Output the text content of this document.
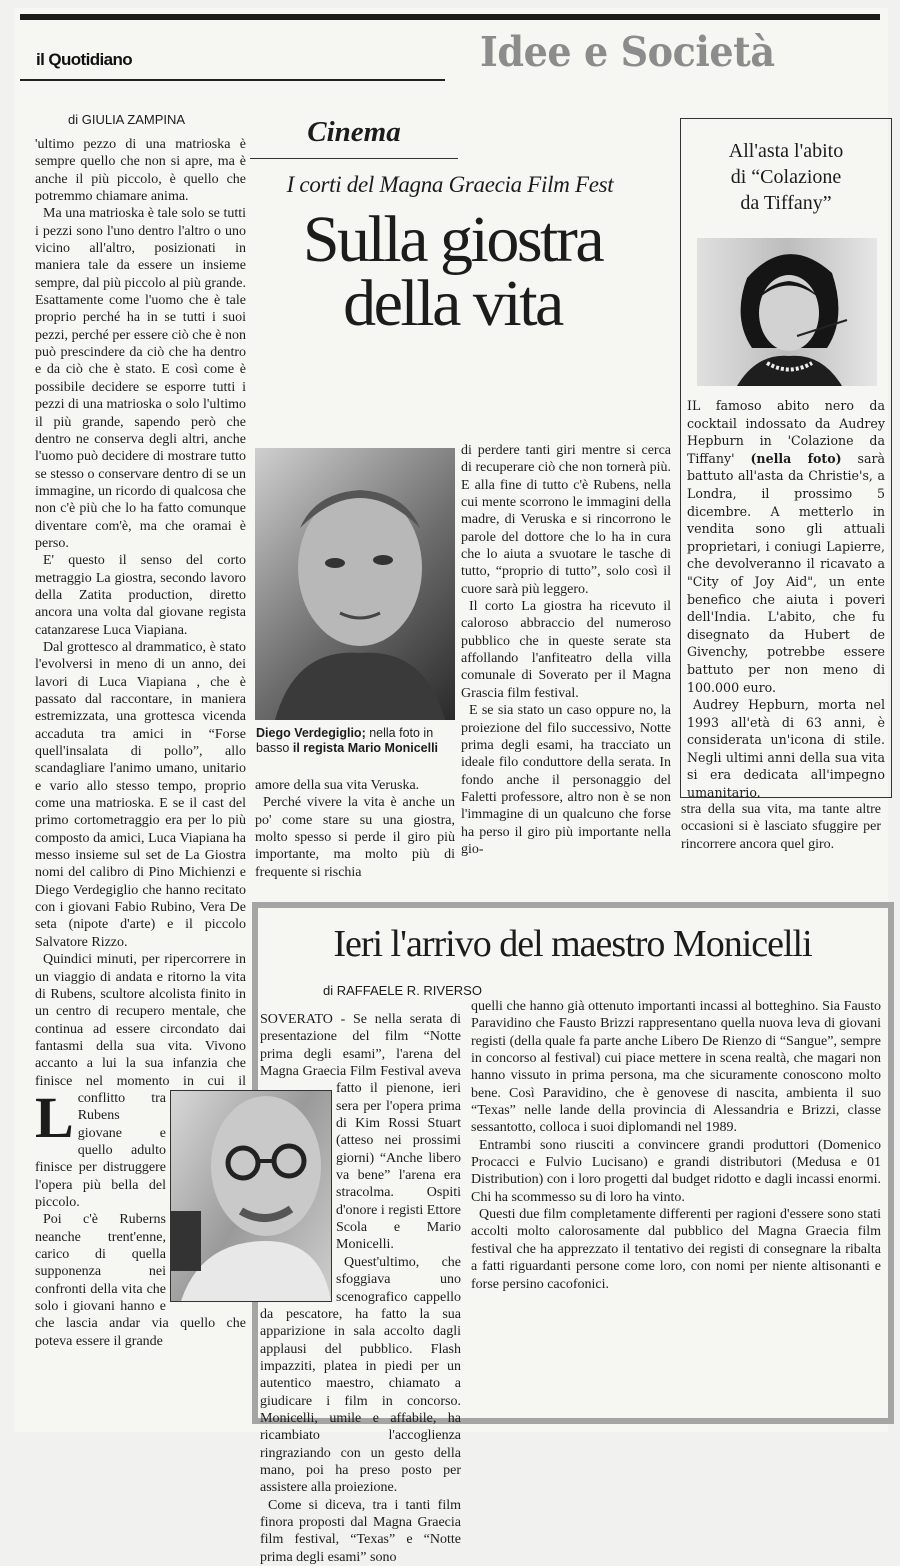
il Quotidiano	Idee e Società
di GIULIA ZAMPINA
L

'ultimo pezzo di una matrioska è sempre quello che non si apre, ma è anche il più piccolo, è quello che potremmo chiamare anima.

Ma una matrioska è tale solo se tutti i pezzi sono l'uno dentro l'altro o uno vicino all'altro, posizionati in maniera tale da essere un insieme sempre, dal più piccolo al più grande. Esattamente come l'uomo che è tale proprio perché ha in se tutti i suoi pezzi, perché per essere ciò che è non può prescindere da ciò che ha dentro e da ciò che è stato. E così come è possibile decidere se esporre tutti i pezzi di una matrioska o solo l'ultimo il più grande, sapendo però che dentro ne conserva degli altri, anche l'uomo può decidere di mostrare tutto se stesso o conservare dentro di se un immagine, un ricordo di qualcosa che non c'è più che lo ha fatto comunque diventare com'è, ma che oramai è perso.

E' questo il senso del corto metraggio La giostra, secondo lavoro della Zatita production, diretto ancora una volta dal giovane regista catanzarese Luca Viapiana.

Dal grottesco al drammatico, è stato l'evolversi in meno di un anno, dei lavori di Luca Viapiana , che è passato dal raccontare, in maniera estremizzata, una grottesca vicenda accaduta tra amici in “Forse quell'insalata di pollo”, allo scandagliare l'animo umano, unitario e vario allo stesso tempo, proprio come una matrioska. E se il cast del primo cortometraggio era per lo più composto da amici, Luca Viapiana ha messo insieme sul set de La Giostra nomi del calibro di Pino Michienzi e Diego Verdegiglio che hanno recitato con i giovani Fabio Rubino, Vera De seta (nipote d'arte) e il piccolo Salvatore Rizzo.

Quindici minuti, per ripercorrere in un viaggio di andata e ritorno la vita di Rubens, scultore alcolista finito in un centro di recupero mentale, che continua ad essere circondato dai fantasmi della sua vita. Vivono accanto a lui la sua infanzia che finisce nel momento in cui il conflitto tra Rubens giovane e quello adulto finisce per distruggere l'opera più bella del piccolo.

Poi c'è Ruberns neanche trent'enne, carico di quella supponenza nei confronti della vita che solo i giovani hanno e che lascia andar via quello che poteva essere il grande

Cinema
I corti del Magna Graecia Film Fest
Sulla giostra
della vita
Diego Verdegiglio; nella foto in basso il regista Mario Monicelli

amore della sua vita Veruska.

Perché vivere la vita è anche un po' come stare su una giostra, molto spesso si perde il giro più importante, ma molto più di frequente si rischia

di perdere tanti giri mentre si cerca di recuperare ciò che non tornerà più. E alla fine di tutto c'è Rubens, nella cui mente scorrono le immagini della madre, di Veruska e si rincorrono le parole del dottore che lo ha in cura che lo aiuta a svuotare le tasche di tutto, “proprio di tutto”, solo così il cuore sarà più leggero.

Il corto La giostra ha ricevuto il caloroso abbraccio del numeroso pubblico che in queste serate sta affollando l'anfiteatro della villa comunale di Soverato per il Magna Grascia film festival.

E se sia stato un caso oppure no, la proiezione del filo successivo, Notte prima degli esami, ha tracciato un ideale filo conduttore della serata. In fondo anche il personaggio del Faletti professore, altro non è se non l'immagine di un qualcuno che forse ha perso il giro più importante nella gio-

All'asta l'abito
di “Colazione
da Tiffany”

IL famoso abito nero da cocktail indossato da Audrey Hepburn in 'Colazione da Tiffany' (nella foto) sarà battuto all'asta da Christie's, a Londra, il prossimo 5 dicembre. A metterlo in vendita sono gli attuali proprietari, i coniugi Lapierre, che devolveranno il ricavato a "City of Joy Aid", un ente benefico che aiuta i poveri dell'India. L'abito, che fu disegnato da Hubert de Givenchy, potrebbe essere battuto per non meno di 100.000 euro.

Audrey Hepburn, morta nel 1993 all'età di 63 anni, è considerata un'icona di stile. Negli ultimi anni della sua vita si era dedicata all'impegno umanitario.

stra della sua vita, ma tante altre occasioni si è lasciato sfuggire per rincorrere ancora quel giro.

Ieri l'arrivo del maestro Monicelli
di RAFFAELE R. RIVERSO

SOVERATO - Se nella serata di presentazione del film “Notte prima degli esami”, l'arena del Magna Graecia Film Festival aveva fatto il pienone, ieri sera per l'opera prima di Kim Rossi Stuart (atteso nei prossimi giorni) “Anche libero va bene” l'arena era stracolma. Ospiti d'onore i registi Ettore Scola e Mario Monicelli.

Quest'ultimo, che sfoggiava uno scenografico cappello da pescatore, ha fatto la sua apparizione in sala accolto dagli applausi del pubblico. Flash impazziti, platea in piedi per un autentico maestro, chiamato a giudicare i film in concorso. Monicelli, umile e affabile, ha ricambiato l'accoglienza ringraziando con un gesto della mano, poi ha preso posto per assistere alla proiezione.

Come si diceva, tra i tanti film finora proposti dal Magna Graecia film festival, “Texas” e “Notte prima degli esami” sono

quelli che hanno già ottenuto importanti incassi al botteghino. Sia Fausto Paravidino che Fausto Brizzi rappresentano quella nuova leva di giovani registi (della quale fa parte anche Libero De Rienzo di “Sangue”, sempre in concorso al festival) cui piace mettere in scena realtà, che magari non hanno vissuto in prima persona, ma che sicuramente conoscono molto bene. Così Paravidino, che è genovese di nascita, ambienta il suo “Texas” nelle lande della provincia di Alessandria e Brizzi, classe sessantotto, colloca i suoi diplomandi nel 1989.

Entrambi sono riusciti a convincere grandi produttori (Domenico Procacci e Fulvio Lucisano) e grandi distributori (Medusa e 01 Distribution) con i loro progetti dal budget ridotto e dagli incassi enormi. Chi ha scommesso su di loro ha vinto.

Questi due film completamente differenti per ragioni d'essere sono stati accolti molto calorosamente dal pubblico del Magna Graecia film festival che ha apprezzato il tentativo dei registi di consegnare la ribalta a fatti riguardanti persone come loro, con nomi per niente altisonanti e forse persino cacofonici.
